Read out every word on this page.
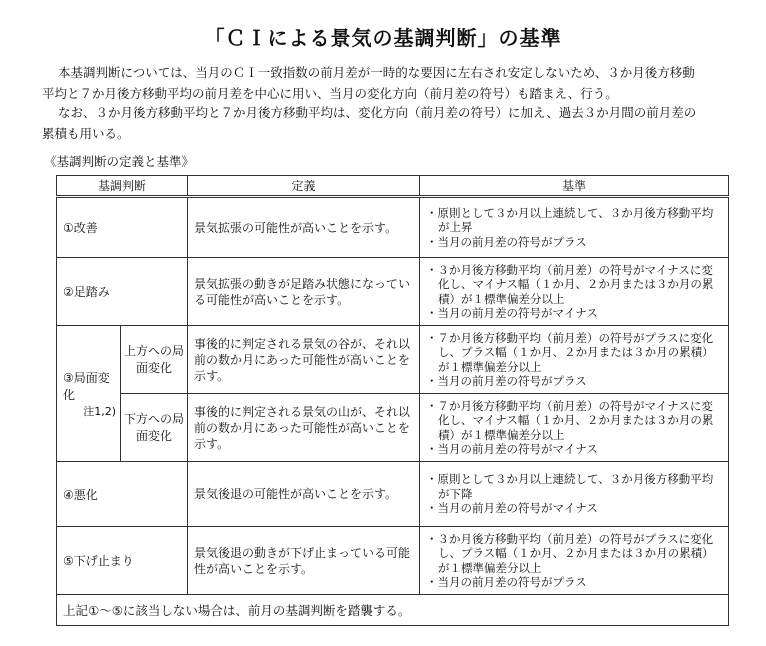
「ＣＩによる景気の基調判断」の基準
本基調判断については、当月のＣＩ一致指数の前月差が一時的な要因に左右され安定しないため、３か月後方移動
平均と７か月後方移動平均の前月差を中心に用い、当月の変化方向（前月差の符号）も踏まえ、行う。
なお、３か月後方移動平均と７か月後方移動平均は、変化方向（前月差の符号）に加え、過去３か月間の前月差の
累積も用いる。
《基調判断の定義と基準》
基調判断		定義	基準
①改善		景気拡張の可能性が高いことを示す。	・ 原則として３か月以上連続して、３か月後方移動平均が上昇
・ 当月の前月差の符号がプラス

②足踏み		景気拡張の動きが足踏み状態になっている可能性が高いことを示す。	・ ３か月後方移動平均（前月差）の符号がマイナスに変化し、マイナス幅（１か月、２か月または３か月の累積）が１標準偏差分以上
・ 当月の前月差の符号がマイナス

③局面変化
注1,2)	上方への局面変化	事後的に判定される景気の谷が、それ以前の数か月にあった可能性が高いことを示す。	・ ７か月後方移動平均（前月差）の符号がプラスに変化し、プラス幅（１か月、２か月または３か月の累積）が１標準偏差分以上
・ 当月の前月差の符号がプラス

	下方への局面変化	事後的に判定される景気の山が、それ以前の数か月にあった可能性が高いことを示す。	・ ７か月後方移動平均（前月差）の符号がマイナスに変化し、マイナス幅（１か月、２か月または３か月の累積）が１標準偏差分以上
・ 当月の前月差の符号がマイナス

④悪化		景気後退の可能性が高いことを示す。	・ 原則として３か月以上連続して、３か月後方移動平均が下降
・ 当月の前月差の符号がマイナス

⑤下げ止まり		景気後退の動きが下げ止まっている可能性が高いことを示す。	・ ３か月後方移動平均（前月差）の符号がプラスに変化し、プラス幅（１か月、２か月または３か月の累積）が１標準偏差分以上
・ 当月の前月差の符号がプラス

上記①～⑤に該当しない場合は、前月の基調判断を踏襲する。			
